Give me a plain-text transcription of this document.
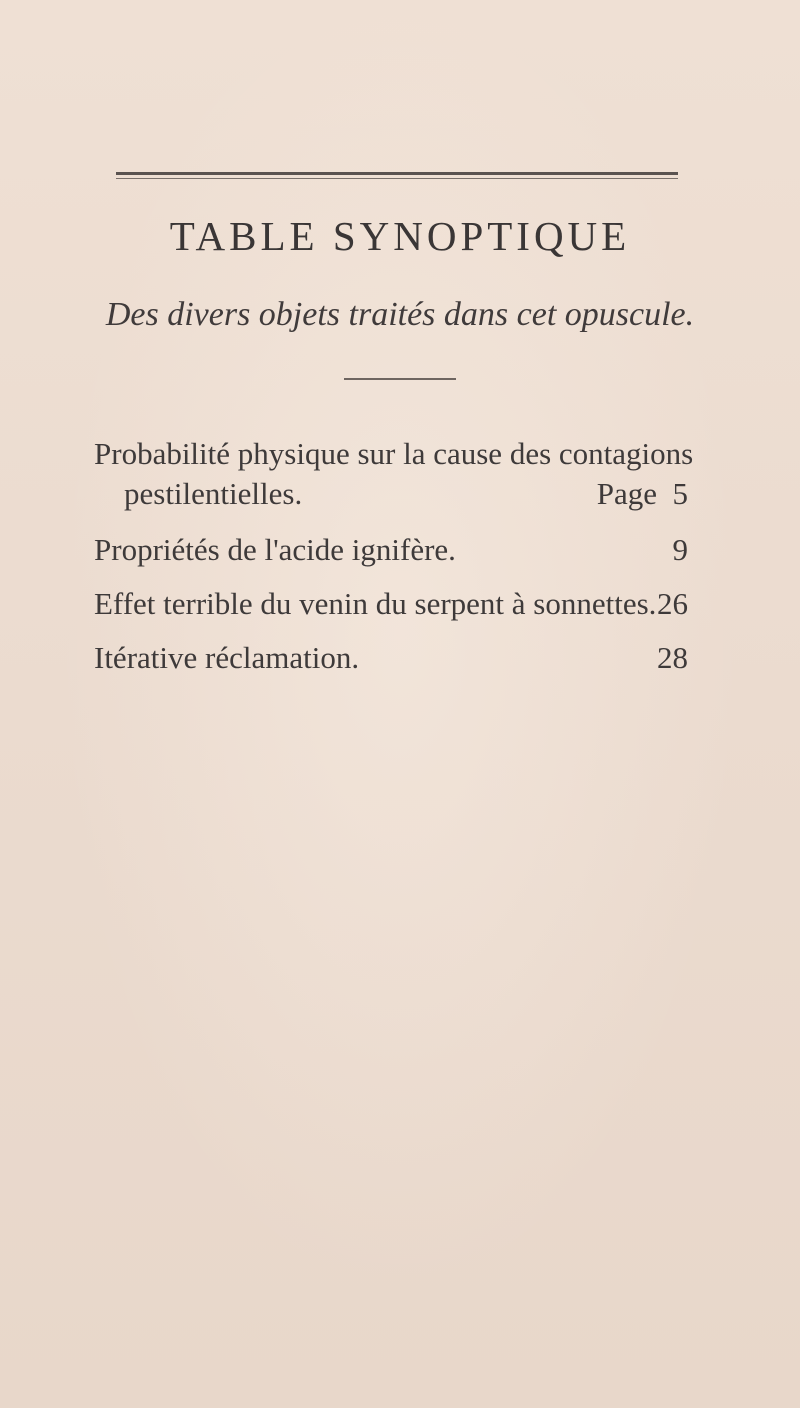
TABLE SYNOPTIQUE

Des divers objets traités dans cet opuscule.

Probabilité physique sur la cause des contagions
pestilentielles.	Page 5
Propriétés de l'acide ignifère.	9
Effet terrible du venin du serpent à sonnettes. 26
Itérative réclamation.	28
